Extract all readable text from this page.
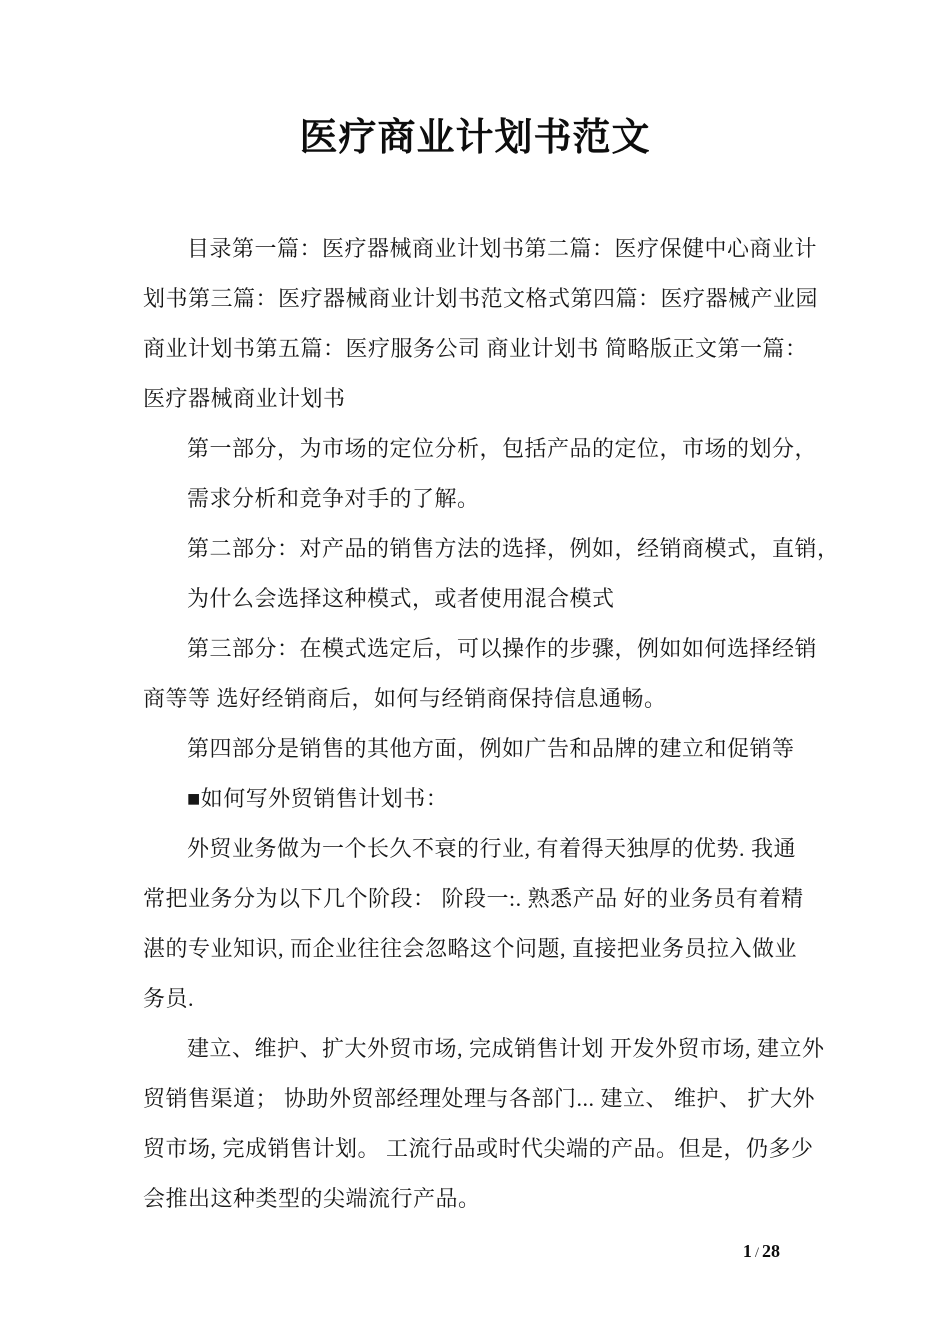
医疗商业计划书范文
目录第一篇：医疗器械商业计划书第二篇：医疗保健中心商业计
划书第三篇：医疗器械商业计划书范文格式第四篇：医疗器械产业园
商业计划书第五篇：医疗服务公司 商业计划书 简略版正文第一篇：
医疗器械商业计划书
第一部分，为市场的定位分析，包括产品的定位，市场的划分，
需求分析和竞争对手的了解。
第二部分：对产品的销售方法的选择，例如，经销商模式，直销，
为什么会选择这种模式，或者使用混合模式
第三部分：在模式选定后，可以操作的步骤，例如如何选择经销
商等等 选好经销商后，如何与经销商保持信息通畅。
第四部分是销售的其他方面，例如广告和品牌的建立和促销等
■如何写外贸销售计划书：
外贸业务做为一个长久不衰的行业, 有着得天独厚的优势. 我通
常把业务分为以下几个阶段： 阶段一:. 熟悉产品 好的业务员有着精
湛的专业知识, 而企业往往会忽略这个问题, 直接把业务员拉入做业
务员.
建立、维护、扩大外贸市场, 完成销售计划 开发外贸市场, 建立外
贸销售渠道； 协助外贸部经理处理与各部门... 建立、 维护、 扩大外
贸市场, 完成销售计划。 工流行品或时代尖端的产品。但是，仍多少
会推出这种类型的尖端流行产品。
1 / 28
